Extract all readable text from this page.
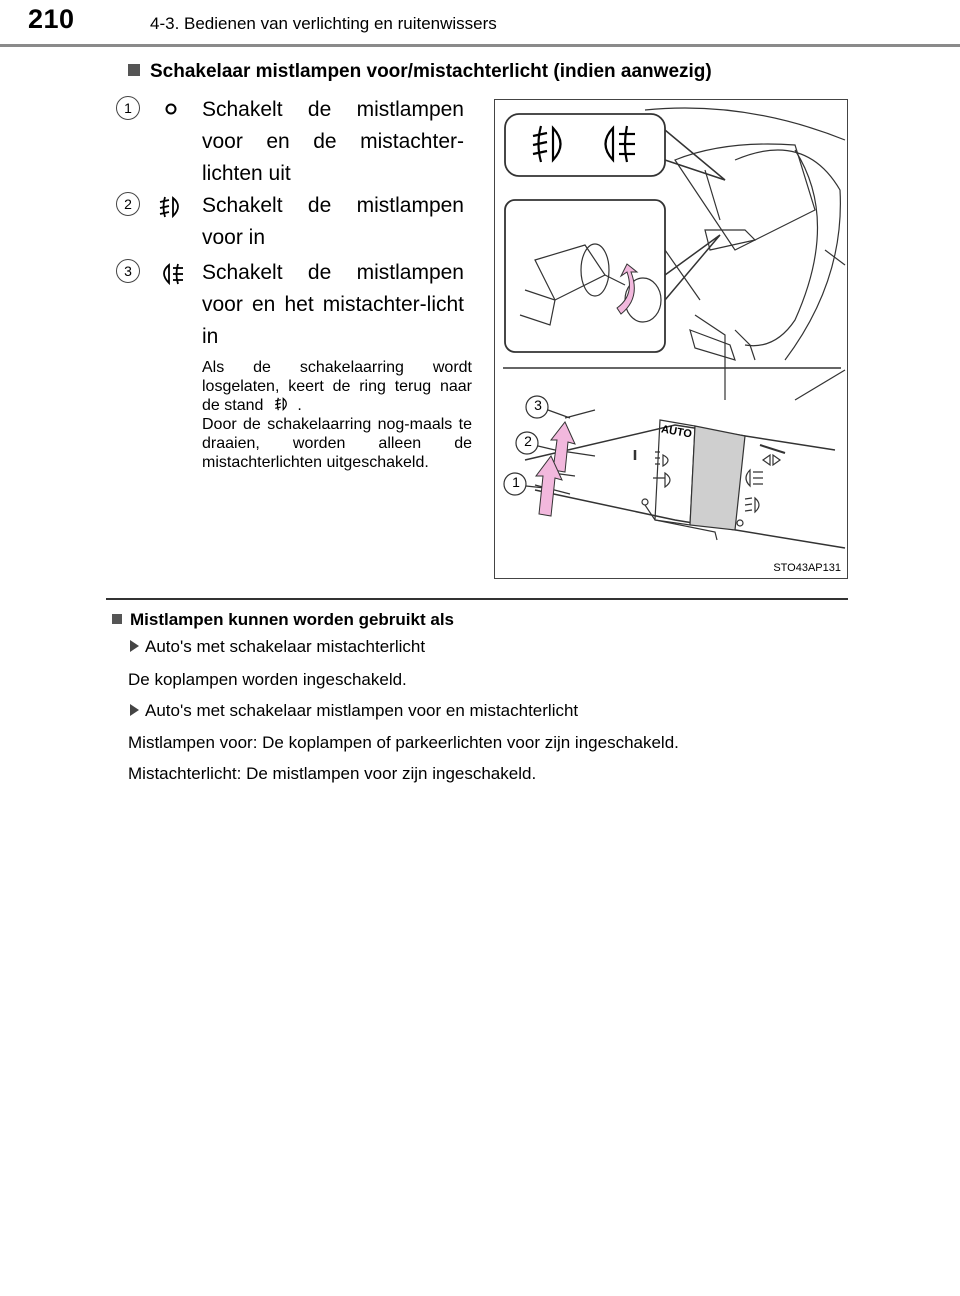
210	4-3. Bedienen van verlichting en ruitenwissers
Schakelaar mistlampen voor/mistachterlicht (indien aanwezig)
1	Schakelt de mistlampen voor en de mistachter-lichten uit
2	Schakelt de mistlampen voor in
3	Schakelt de mistlampen voor en het mistachter-licht in
Als de schakelaarring wordt losgelaten, keert de ring terug naar de stand .
Door de schakelaarring nog-maals te draaien, worden alleen de mistachterlichten uitgeschakeld.
AUTO
3
2
1
STO43AP131
Mistlampen kunnen worden gebruikt als
Auto's met schakelaar mistachterlicht
De koplampen worden ingeschakeld.
Auto's met schakelaar mistlampen voor en mistachterlicht
Mistlampen voor: De koplampen of parkeerlichten voor zijn ingeschakeld.
Mistachterlicht: De mistlampen voor zijn ingeschakeld.
